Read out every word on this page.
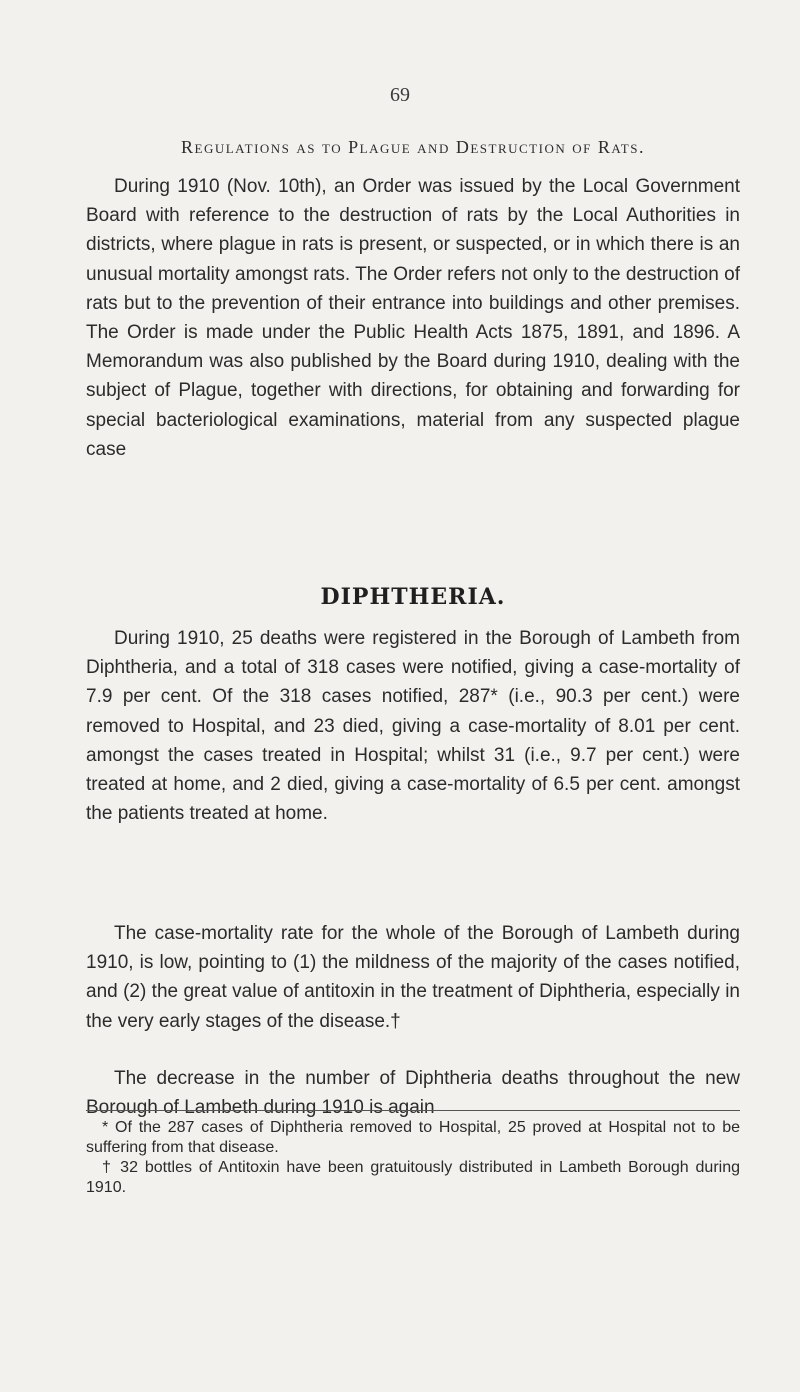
69
Regulations as to Plague and Destruction of Rats.

During 1910 (Nov. 10th), an Order was issued by the Local Government Board with reference to the destruction of rats by the Local Authorities in districts, where plague in rats is present, or suspected, or in which there is an unusual mortality amongst rats. The Order refers not only to the destruction of rats but to the prevention of their entrance into buildings and other premises. The Order is made under the Public Health Acts 1875, 1891, and 1896. A Memorandum was also published by the Board during 1910, dealing with the subject of Plague, together with directions, for obtaining and forwarding for special bacteriological examinations, material from any suspected plague case

DIPHTHERIA.

During 1910, 25 deaths were registered in the Borough of Lambeth from Diphtheria, and a total of 318 cases were notified, giving a case-mortality of 7.9 per cent. Of the 318 cases notified, 287* (i.e., 90.3 per cent.) were removed to Hospital, and 23 died, giving a case-mortality of 8.01 per cent. amongst the cases treated in Hospital; whilst 31 (i.e., 9.7 per cent.) were treated at home, and 2 died, giving a case-mortality of 6.5 per cent. amongst the patients treated at home.

The case-mortality rate for the whole of the Borough of Lambeth during 1910, is low, pointing to (1) the mildness of the majority of the cases notified, and (2) the great value of antitoxin in the treatment of Diphtheria, especially in the very early stages of the disease.†

The decrease in the number of Diphtheria deaths throughout the new Borough of Lambeth during 1910 is again

* Of the 287 cases of Diphtheria removed to Hospital, 25 proved at Hospital not to be suffering from that disease.

† 32 bottles of Antitoxin have been gratuitously distributed in Lambeth Borough during 1910.
